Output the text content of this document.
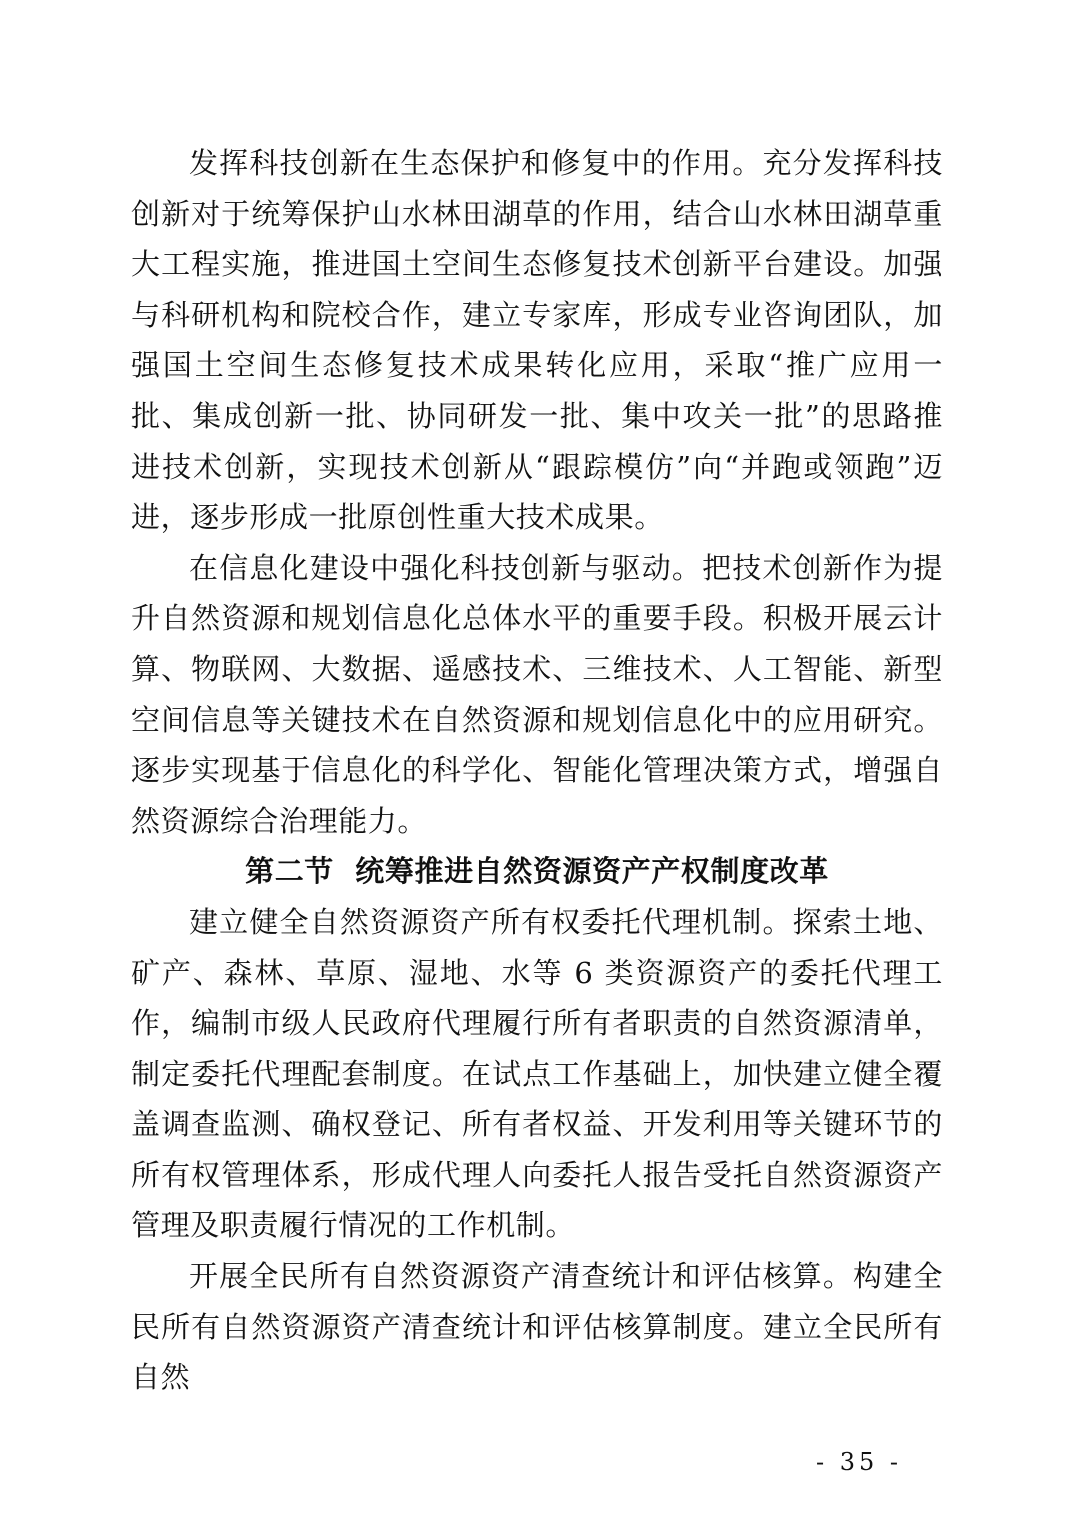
发挥科技创新在生态保护和修复中的作用。充分发挥科技创新对于统筹保护山水林田湖草的作用，结合山水林田湖草重大工程实施，推进国土空间生态修复技术创新平台建设。加强与科研机构和院校合作，建立专家库，形成专业咨询团队，加强国土空间生态修复技术成果转化应用，采取“推广应用一批、集成创新一批、协同研发一批、集中攻关一批”的思路推进技术创新，实现技术创新从“跟踪模仿”向“并跑或领跑”迈进，逐步形成一批原创性重大技术成果。

在信息化建设中强化科技创新与驱动。把技术创新作为提升自然资源和规划信息化总体水平的重要手段。积极开展云计算、物联网、大数据、遥感技术、三维技术、人工智能、新型空间信息等关键技术在自然资源和规划信息化中的应用研究。逐步实现基于信息化的科学化、智能化管理决策方式，增强自然资源综合治理能力。

第二节  统筹推进自然资源资产产权制度改革

建立健全自然资源资产所有权委托代理机制。探索土地、矿产、森林、草原、湿地、水等 6 类资源资产的委托代理工作，编制市级人民政府代理履行所有者职责的自然资源清单，制定委托代理配套制度。在试点工作基础上，加快建立健全覆盖调查监测、确权登记、所有者权益、开发利用等关键环节的所有权管理体系，形成代理人向委托人报告受托自然资源资产管理及职责履行情况的工作机制。

开展全民所有自然资源资产清查统计和评估核算。构建全民所有自然资源资产清查统计和评估核算制度。建立全民所有自然

- 35 -
